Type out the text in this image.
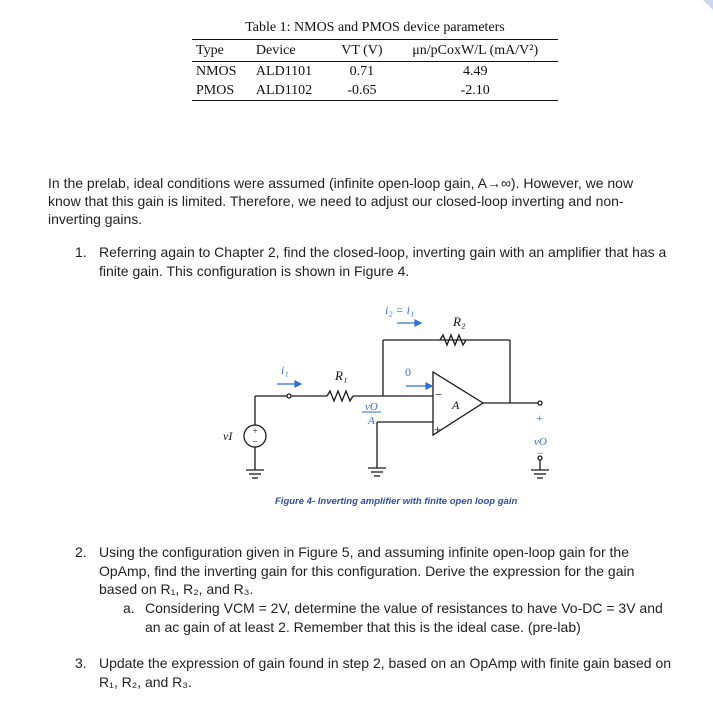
Table 1: NMOS and PMOS device parameters
Type	Device	VT (V)	μn/pCoxW/L (mA/V²)
NMOS	ALD1101	0.71	4.49
PMOS	ALD1102	-0.65	-2.10
In the prelab, ideal conditions were assumed (infinite open-loop gain, A→∞). However, we now know that this gain is limited. Therefore, we need to adjust our closed-loop inverting and non-inverting gains.
1. Referring again to Chapter 2, find the closed-loop, inverting gain with an amplifier that has a finite gain. This configuration is shown in Figure 4.
+
–
i₂ = i₁
R₂
R₁
i₁	0
vO
A
A
−
+
vI
+
vO
−
Figure 4- Inverting amplifier with finite open loop gain
2. Using the configuration given in Figure 5, and assuming infinite open-loop gain for the OpAmp, find the inverting gain for this configuration. Derive the expression for the gain based on R₁, R₂, and R₃.
a. Considering VCM = 2V, determine the value of resistances to have Vo-DC = 3V and an ac gain of at least 2. Remember that this is the ideal case. (pre-lab)
3. Update the expression of gain found in step 2, based on an OpAmp with finite gain based on R₁, R₂, and R₃.
